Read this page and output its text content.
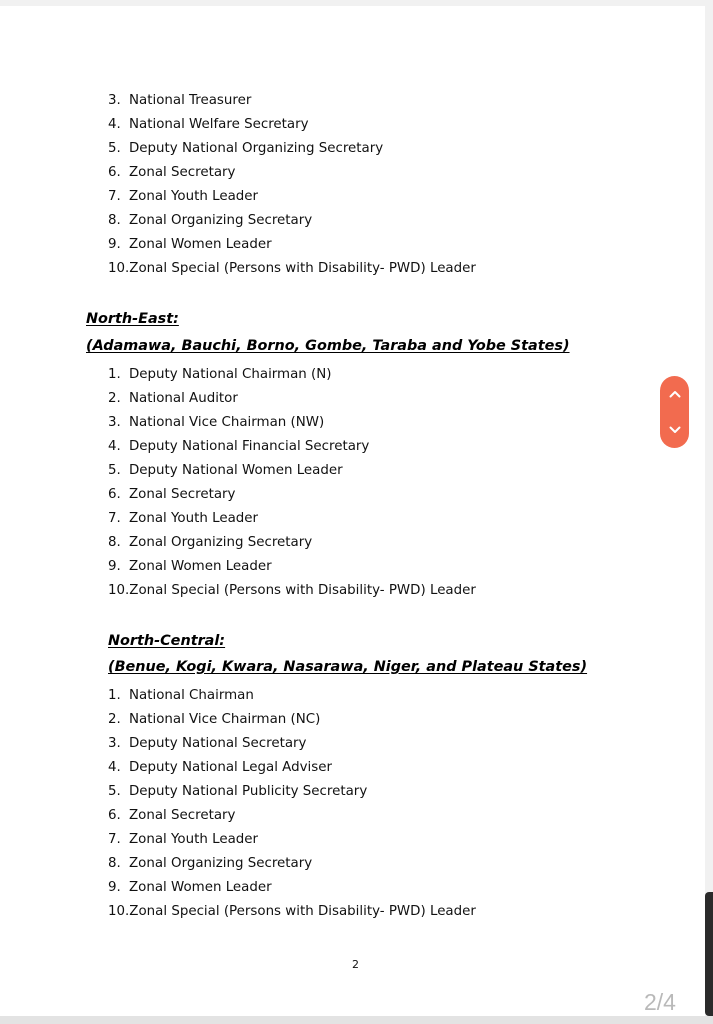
3. National Treasurer
4. National Welfare Secretary
5. Deputy National Organizing Secretary
6. Zonal Secretary
7. Zonal Youth Leader
8. Zonal Organizing Secretary
9. Zonal Women Leader
10.Zonal Special (Persons with Disability- PWD) Leader

North-East:

(Adamawa, Bauchi, Borno, Gombe, Taraba and Yobe States)

1. Deputy National Chairman (N)
2. National Auditor
3. National Vice Chairman (NW)
4. Deputy National Financial Secretary
5. Deputy National Women Leader
6. Zonal Secretary
7. Zonal Youth Leader
8. Zonal Organizing Secretary
9. Zonal Women Leader
10.Zonal Special (Persons with Disability- PWD) Leader

North-Central:

(Benue, Kogi, Kwara, Nasarawa, Niger, and Plateau States)

1. National Chairman
2. National Vice Chairman (NC)
3. Deputy National Secretary
4. Deputy National Legal Adviser
5. Deputy National Publicity Secretary
6. Zonal Secretary
7. Zonal Youth Leader
8. Zonal Organizing Secretary
9. Zonal Women Leader
10.Zonal Special (Persons with Disability- PWD) Leader
2
2/4
